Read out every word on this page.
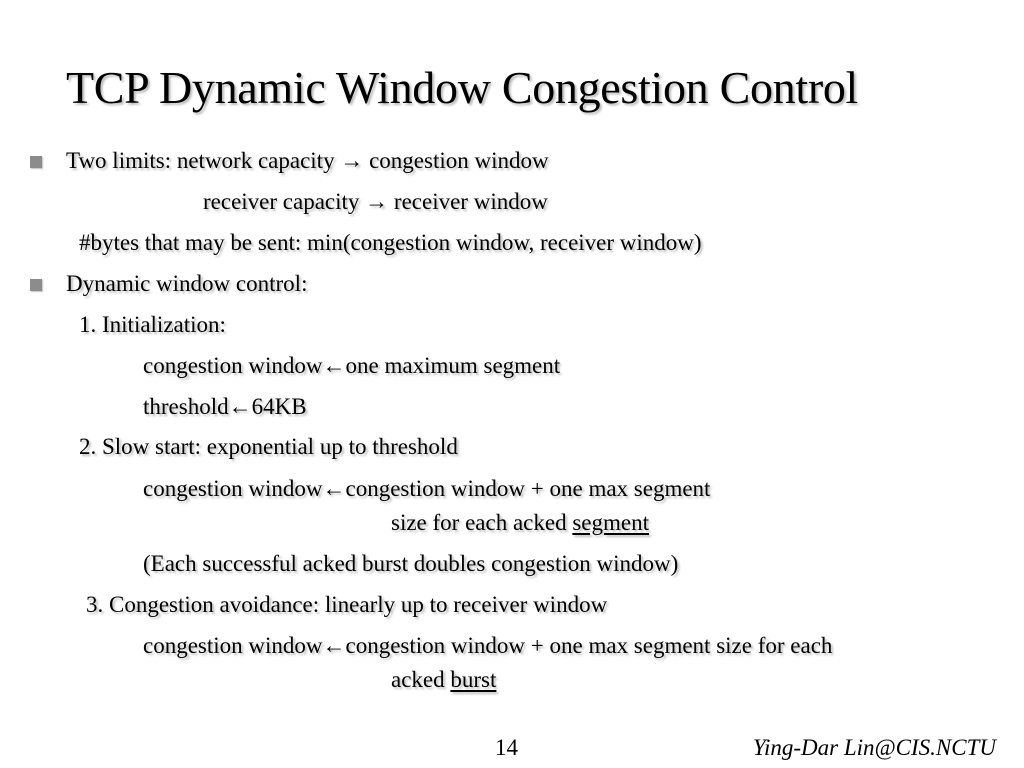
TCP Dynamic Window Congestion Control
Two limits: network capacity → congestion window
receiver capacity → receiver window
#bytes that may be sent: min(congestion window, receiver window)
Dynamic window control:
1. Initialization:
congestion window←one maximum segment
threshold←64KB
2. Slow start: exponential up to threshold
congestion window←congestion window + one max segment
size for each acked segment
(Each successful acked burst doubles congestion window)
3. Congestion avoidance: linearly up to receiver window
congestion window←congestion window + one max segment size for each
acked burst
14	Ying-Dar Lin@CIS.NCTU
